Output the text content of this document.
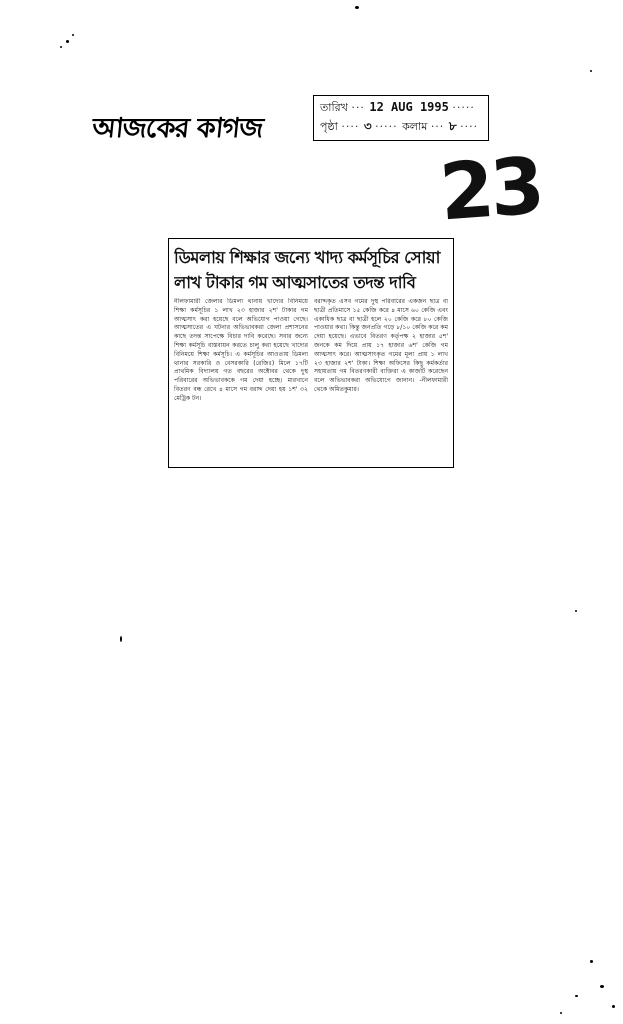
আজকের কাগজ
তারিখ ··· 12 AUG 1995 ·····
পৃষ্ঠা ···· ৩ ····· কলাম ··· ৮ ····
23
ডিমলায় শিক্ষার জন্যে খাদ্য কর্মসূচির সোয়া
লাখ টাকার গম আত্মসাতের তদন্ত দাবি

নীলফামারী জেলার ডিমলা থানায় খাদ্যের বিনিময়ে শিক্ষা কর্মসূচির ১ লাখ ২৩ হাজার ২শ' টাকার গম আত্মসাৎ করা হয়েছে বলে অভিযোগ পাওয়া গেছে। আত্মসাতের এ ঘটনার অভিভাবকরা জেলা প্রশাসনের কাছে তদন্ত সাপেক্ষে বিচার দাবি করেছে। সবার জন্যে শিক্ষা কর্মসূচি বাস্তবায়ন করতে চালু করা হয়েছে খাদ্যের বিনিময়ে শিক্ষা কর্মসূচি। এ কর্মসূচির আওতায় ডিমলা থানার সরকারি ও বেসরকারি (রেজিঃ) মিলে ১৭টি প্রাথমিক বিদ্যালয় গত বছরের অক্টোবর থেকে দুস্থ পরিবারের অভিভাবককে গম দেয়া হচ্ছে। মারখানে বিতরণ বন্ধ রেখে ৪ মাসে গম বরাদ্দ দেয়া হয় ১শ' ৩২ মেট্রিক টন।

বরাদ্দকৃত এসব গমের দুস্থ পরিবারের একজন ছাত্র বা ছাত্রী প্রতিমাসে ১৫ কেজি করে ৪ মাসে ৬০ কেজি এবং একাধিক ছাত্র বা ছাত্রী হলে ২০ কেজি করে ৮০ কেজি পাওয়ার কথা। কিন্তু জনপ্রতি গড়ে ৮/১০ কেজি করে কম দেয়া হয়েছে। এভাবে বিতরণ কর্তৃপক্ষ ২ হাজার ৫শ' জনকে কম দিয়ে প্রায় ১৭ হাজার ৬শ' কেজি গম আত্মসাৎ করে। আত্মসাৎকৃত গমের মূল্য প্রায় ১ লাখ ২৩ হাজার ২শ' টাকা। শিক্ষা অফিসের কিছু কর্মকর্তার সহায়তায় গম বিতরণকারী ব্যক্তিরা এ কাজটি করেছেন বলে অভিভাবকরা অভিযোগে জানান। -নীলফামারী থেকে অমিতকুমার।
